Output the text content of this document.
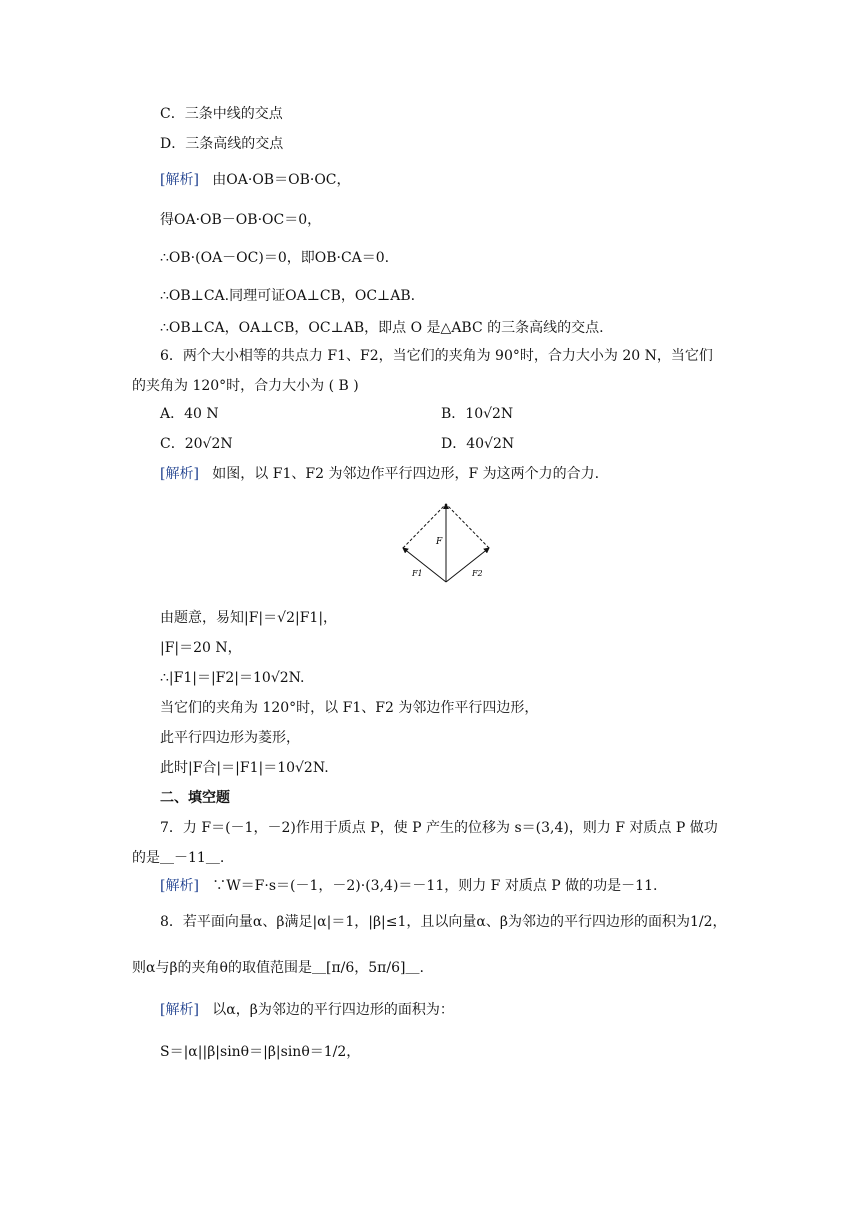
C．三条中线的交点
D．三条高线的交点
[解析] 由OA·OB＝OB·OC，
得OA·OB－OB·OC＝0，
∴OB·(OA－OC)＝0，即OB·CA＝0.
∴OB⊥CA.同理可证OA⊥CB，OC⊥AB.
∴OB⊥CA，OA⊥CB，OC⊥AB，即点 O 是△ABC 的三条高线的交点.
6．两个大小相等的共点力 F1、F2，当它们的夹角为 90°时，合力大小为 20 N，当它们
的夹角为 120°时，合力大小为 ( B )
A．40 N	B．10√2N
C．20√2N	D．40√2N
[解析] 如图，以 F1、F2 为邻边作平行四边形，F 为这两个力的合力.
F
F1	F2
由题意，易知|F|＝√2|F1|，
|F|＝20 N，
∴|F1|＝|F2|＝10√2N.
当它们的夹角为 120°时，以 F1、F2 为邻边作平行四边形，
此平行四边形为菱形，
此时|F合|＝|F1|＝10√2N.
二、填空题
7．力 F＝(－1，－2)作用于质点 P，使 P 产生的位移为 s＝(3,4)，则力 F 对质点 P 做功
的是＿－11＿.
[解析] ∵W＝F·s＝(－1，－2)·(3,4)＝－11，则力 F 对质点 P 做的功是－11.
8．若平面向量α、β满足|α|＝1，|β|≤1，且以向量α、β为邻边的平行四边形的面积为1/2，
则α与β的夹角θ的取值范围是＿[π/6，5π/6]＿.
[解析] 以α，β为邻边的平行四边形的面积为：
S＝|α||β|sinθ＝|β|sinθ＝1/2，
